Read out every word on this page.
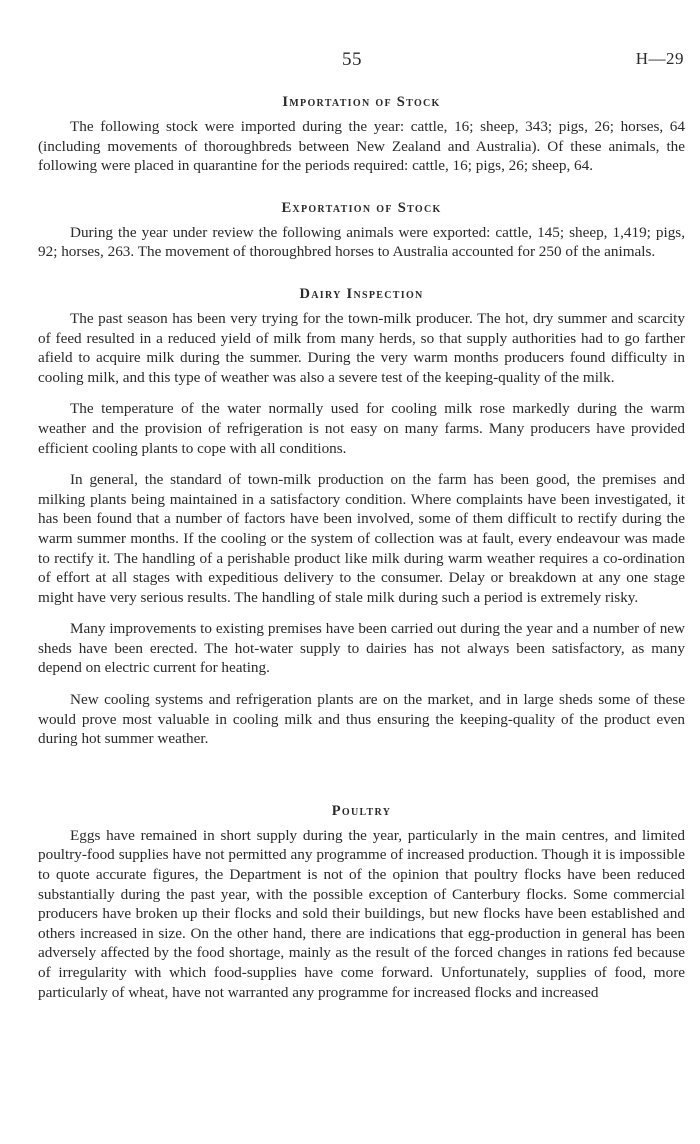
55	H—29
Importation of Stock

The following stock were imported during the year: cattle, 16; sheep, 343; pigs, 26; horses, 64 (including movements of thoroughbreds between New Zealand and Australia). Of these animals, the following were placed in quarantine for the periods required: cattle, 16; pigs, 26; sheep, 64.

Exportation of Stock

During the year under review the following animals were exported: cattle, 145; sheep, 1,419; pigs, 92; horses, 263. The movement of thoroughbred horses to Australia accounted for 250 of the animals.

Dairy Inspection

The past season has been very trying for the town-milk producer. The hot, dry summer and scarcity of feed resulted in a reduced yield of milk from many herds, so that supply authorities had to go farther afield to acquire milk during the summer. During the very warm months producers found difficulty in cooling milk, and this type of weather was also a severe test of the keeping-quality of the milk.

The temperature of the water normally used for cooling milk rose markedly during the warm weather and the provision of refrigeration is not easy on many farms. Many producers have provided efficient cooling plants to cope with all conditions.

In general, the standard of town-milk production on the farm has been good, the premises and milking plants being maintained in a satisfactory condition. Where complaints have been investigated, it has been found that a number of factors have been involved, some of them difficult to rectify during the warm summer months. If the cooling or the system of collection was at fault, every endeavour was made to rectify it. The handling of a perishable product like milk during warm weather requires a co-ordination of effort at all stages with expeditious delivery to the consumer. Delay or breakdown at any one stage might have very serious results. The handling of stale milk during such a period is extremely risky.

Many improvements to existing premises have been carried out during the year and a number of new sheds have been erected. The hot-water supply to dairies has not always been satisfactory, as many depend on electric current for heating.

New cooling systems and refrigeration plants are on the market, and in large sheds some of these would prove most valuable in cooling milk and thus ensuring the keeping-quality of the product even during hot summer weather.

Poultry

Eggs have remained in short supply during the year, particularly in the main centres, and limited poultry-food supplies have not permitted any programme of increased production. Though it is impossible to quote accurate figures, the Department is not of the opinion that poultry flocks have been reduced substantially during the past year, with the possible exception of Canterbury flocks. Some commercial producers have broken up their flocks and sold their buildings, but new flocks have been established and others increased in size. On the other hand, there are indications that egg-production in general has been adversely affected by the food shortage, mainly as the result of the forced changes in rations fed because of irregularity with which food-supplies have come forward. Unfortunately, supplies of food, more particularly of wheat, have not warranted any programme for increased flocks and increased
